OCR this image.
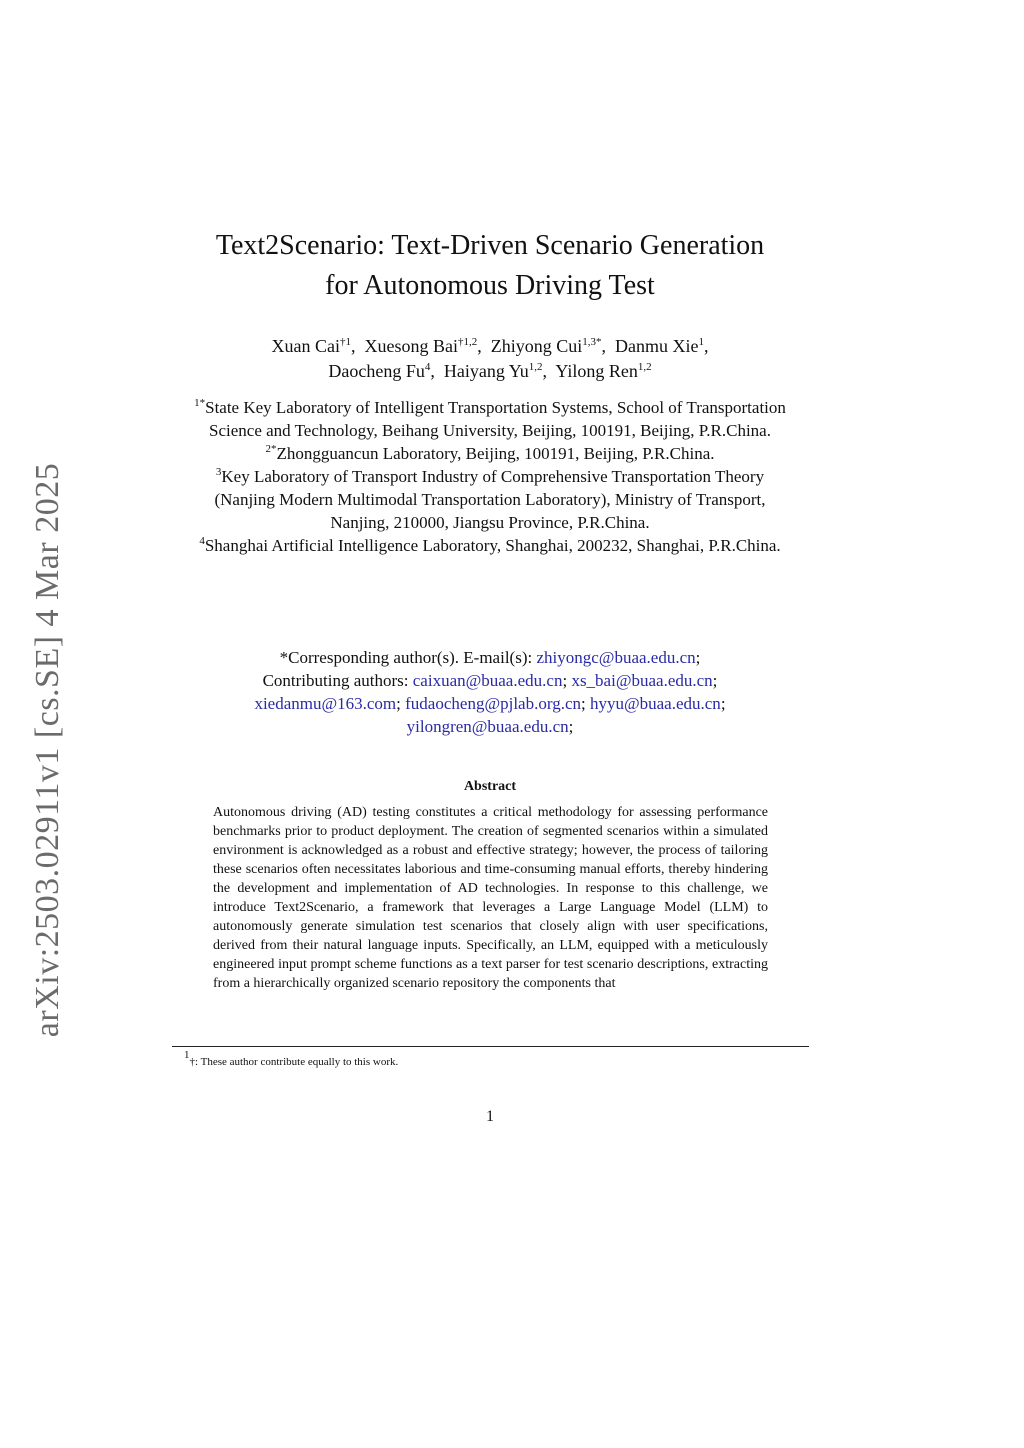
arXiv:2503.02911v1 [cs.SE] 4 Mar 2025
Text2Scenario: Text-Driven Scenario Generation
for Autonomous Driving Test
Xuan Cai$^{\dagger 1}$,  Xuesong Bai$^{\dagger 1,2}$,  Zhiyong Cui$^{1,3*}$,  Danmu Xie$^1$,
Daocheng Fu$^4$,  Haiyang Yu$^{1,2}$,  Yilong Ren$^{1,2}$
$^{1*}$State Key Laboratory of Intelligent Transportation Systems, School of Transportation Science and Technology, Beihang University, Beijing, 100191, Beijing, P.R.China.
$^{2*}$Zhongguancun Laboratory, Beijing, 100191, Beijing, P.R.China.
$^3$Key Laboratory of Transport Industry of Comprehensive Transportation Theory (Nanjing Modern Multimodal Transportation Laboratory), Ministry of Transport, Nanjing, 210000, Jiangsu Province, P.R.China.
$^4$Shanghai Artificial Intelligence Laboratory, Shanghai, 200232, Shanghai, P.R.China.
*Corresponding author(s). E-mail(s): zhiyongc@buaa.edu.cn;
Contributing authors: caixuan@buaa.edu.cn; xs_bai@buaa.edu.cn;
xiedanmu@163.com; fudaocheng@pjlab.org.cn; hyyu@buaa.edu.cn;
yilongren@buaa.edu.cn;
Abstract

Autonomous driving (AD) testing constitutes a critical methodology for assessing performance benchmarks prior to product deployment. The creation of segmented scenarios within a simulated environment is acknowledged as a robust and effective strategy; however, the process of tailoring these scenarios often necessitates laborious and time-consuming manual efforts, thereby hindering the development and implementation of AD technologies. In response to this challenge, we introduce Text2Scenario, a framework that leverages a Large Language Model (LLM) to autonomously generate simulation test scenarios that closely align with user specifications, derived from their natural language inputs. Specifically, an LLM, equipped with a meticulously engineered input prompt scheme functions as a text parser for test scenario descriptions, extracting from a hierarchically organized scenario repository the components that

$^1$†: These author contribute equally to this work.
1
